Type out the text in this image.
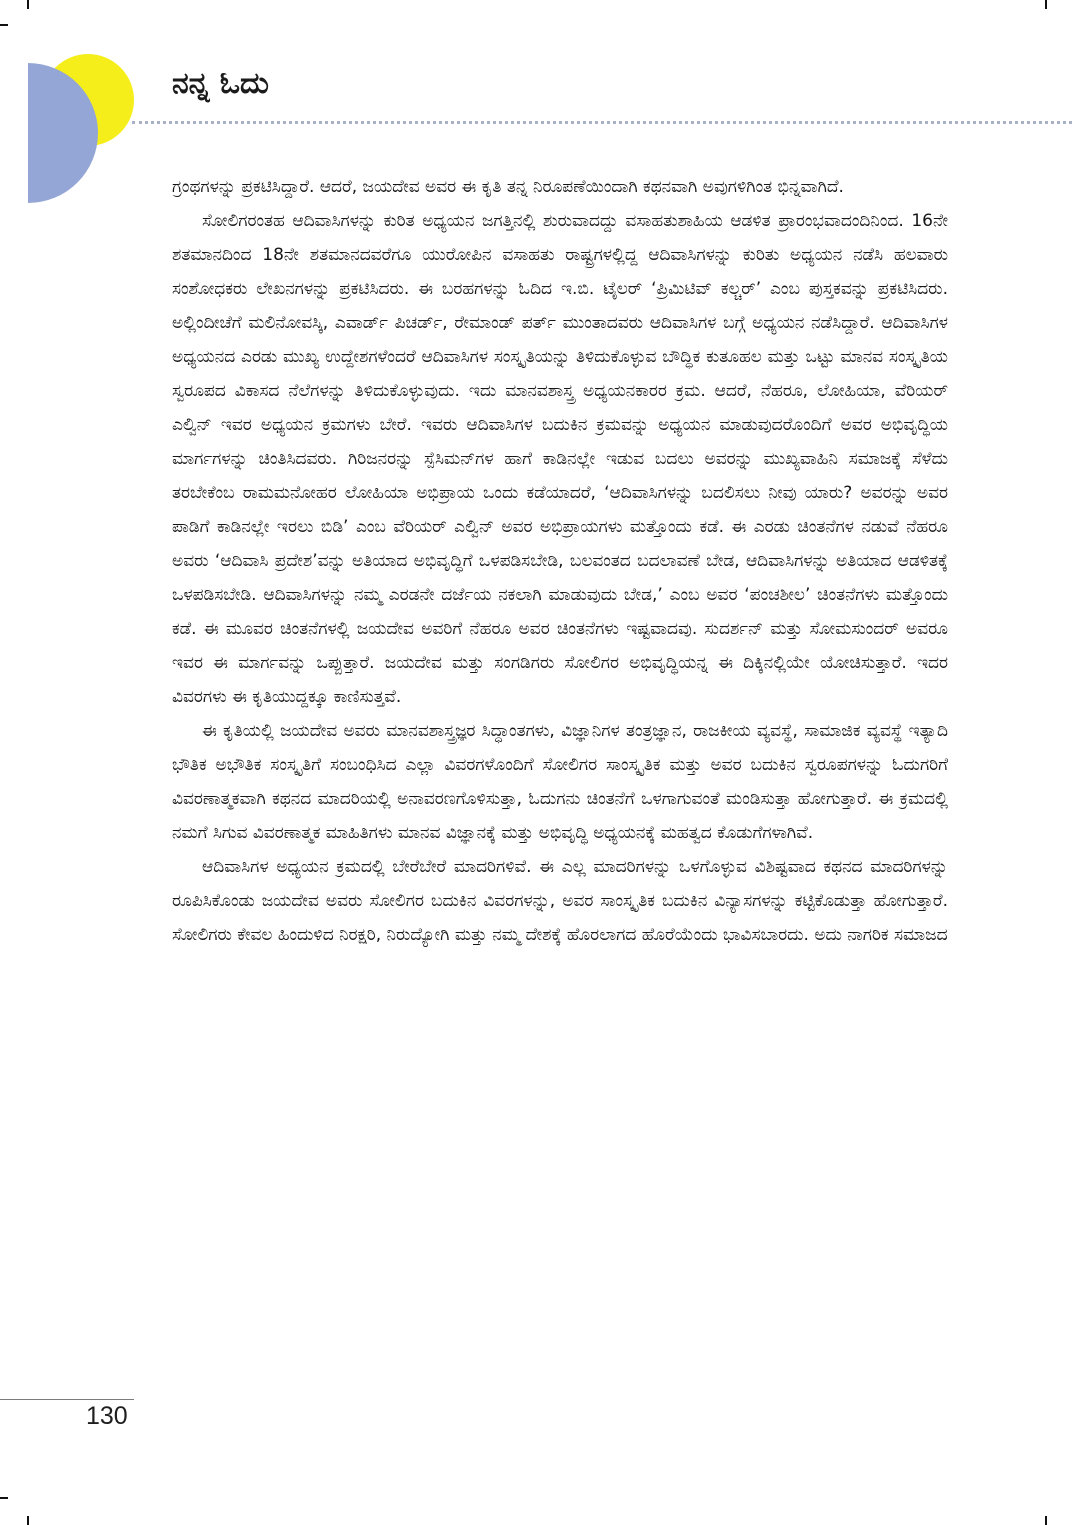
ನನ್ನ ಓದು

ಗ್ರಂಥಗಳನ್ನು ಪ್ರಕಟಿಸಿದ್ದಾರೆ. ಆದರೆ, ಜಯದೇವ ಅವರ ಈ ಕೃತಿ ತನ್ನ ನಿರೂಪಣೆಯಿಂದಾಗಿ ಕಥನವಾಗಿ ಅವುಗಳಿಗಿಂತ ಭಿನ್ನವಾಗಿದೆ.

ಸೋಲಿಗರಂತಹ ಆದಿವಾಸಿಗಳನ್ನು ಕುರಿತ ಅಧ್ಯಯನ ಜಗತ್ತಿನಲ್ಲಿ ಶುರುವಾದದ್ದು ವಸಾಹತುಶಾಹಿಯ ಆಡಳಿತ ಪ್ರಾರಂಭವಾದಂದಿನಿಂದ. 16ನೇ ಶತಮಾನದಿಂದ 18ನೇ ಶತಮಾನದವರೆಗೂ ಯುರೋಪಿನ ವಸಾಹತು ರಾಷ್ಟ್ರಗಳಲ್ಲಿದ್ದ ಆದಿವಾಸಿಗಳನ್ನು ಕುರಿತು ಅಧ್ಯಯನ ನಡೆಸಿ ಹಲವಾರು ಸಂಶೋಧಕರು ಲೇಖನಗಳನ್ನು ಪ್ರಕಟಿಸಿದರು. ಈ ಬರಹಗಳನ್ನು ಓದಿದ ಇ.ಬಿ. ಟೈಲರ್ ‘ಪ್ರಿಮಿಟಿವ್ ಕಲ್ಚರ್’ ಎಂಬ ಪುಸ್ತಕವನ್ನು ಪ್ರಕಟಿಸಿದರು. ಅಲ್ಲಿಂದೀಚೆಗೆ ಮಲಿನೋವಸ್ಕಿ, ಎವಾರ್ಡ್ ಪಿಚರ್ಡ್, ರೇಮಾಂಡ್ ಪರ್ತ್ ಮುಂತಾದವರು ಆದಿವಾಸಿಗಳ ಬಗ್ಗೆ ಅಧ್ಯಯನ ನಡೆಸಿದ್ದಾರೆ. ಆದಿವಾಸಿಗಳ ಅಧ್ಯಯನದ ಎರಡು ಮುಖ್ಯ ಉದ್ದೇಶಗಳೆಂದರೆ ಆದಿವಾಸಿಗಳ ಸಂಸ್ಕೃತಿಯನ್ನು ತಿಳಿದುಕೊಳ್ಳುವ ಬೌದ್ಧಿಕ ಕುತೂಹಲ ಮತ್ತು ಒಟ್ಟು ಮಾನವ ಸಂಸ್ಕೃತಿಯ ಸ್ವರೂಪದ ವಿಕಾಸದ ನೆಲೆಗಳನ್ನು ತಿಳಿದುಕೊಳ್ಳುವುದು. ಇದು ಮಾನವಶಾಸ್ತ್ರ ಅಧ್ಯಯನಕಾರರ ಕ್ರಮ. ಆದರೆ, ನೆಹರೂ, ಲೋಹಿಯಾ, ವೆರಿಯರ್ ಎಲ್ವಿನ್ ಇವರ ಅಧ್ಯಯನ ಕ್ರಮಗಳು ಬೇರೆ. ಇವರು ಆದಿವಾಸಿಗಳ ಬದುಕಿನ ಕ್ರಮವನ್ನು ಅಧ್ಯಯನ ಮಾಡುವುದರೊಂದಿಗೆ ಅವರ ಅಭಿವೃದ್ಧಿಯ ಮಾರ್ಗಗಳನ್ನು ಚಿಂತಿಸಿದವರು. ಗಿರಿಜನರನ್ನು ಸ್ಪೆಸಿಮನ್‌ಗಳ ಹಾಗೆ ಕಾಡಿನಲ್ಲೇ ಇಡುವ ಬದಲು ಅವರನ್ನು ಮುಖ್ಯವಾಹಿನಿ ಸಮಾಜಕ್ಕೆ ಸೆಳೆದು ತರಬೇಕೆಂಬ ರಾಮಮನೋಹರ ಲೋಹಿಯಾ ಅಭಿಪ್ರಾಯ ಒಂದು ಕಡೆಯಾದರೆ, ‘ಆದಿವಾಸಿಗಳನ್ನು ಬದಲಿಸಲು ನೀವು ಯಾರು? ಅವರನ್ನು ಅವರ ಪಾಡಿಗೆ ಕಾಡಿನಲ್ಲೇ ಇರಲು ಬಿಡಿ’ ಎಂಬ ವೆರಿಯರ್ ಎಲ್ವಿನ್ ಅವರ ಅಭಿಪ್ರಾಯಗಳು ಮತ್ತೊಂದು ಕಡೆ. ಈ ಎರಡು ಚಿಂತನೆಗಳ ನಡುವೆ ನೆಹರೂ ಅವರು ‘ಆದಿವಾಸಿ ಪ್ರದೇಶ’ವನ್ನು ಅತಿಯಾದ ಅಭಿವೃದ್ಧಿಗೆ ಒಳಪಡಿಸಬೇಡಿ, ಬಲವಂತದ ಬದಲಾವಣೆ ಬೇಡ, ಆದಿವಾಸಿಗಳನ್ನು ಅತಿಯಾದ ಆಡಳಿತಕ್ಕೆ ಒಳಪಡಿಸಬೇಡಿ. ಆದಿವಾಸಿಗಳನ್ನು ನಮ್ಮ ಎರಡನೇ ದರ್ಜೆಯ ನಕಲಾಗಿ ಮಾಡುವುದು ಬೇಡ,’ ಎಂಬ ಅವರ ‘ಪಂಚಶೀಲ’ ಚಿಂತನೆಗಳು ಮತ್ತೊಂದು ಕಡೆ. ಈ ಮೂವರ ಚಿಂತನೆಗಳಲ್ಲಿ ಜಯದೇವ ಅವರಿಗೆ ನೆಹರೂ ಅವರ ಚಿಂತನೆಗಳು ಇಷ್ಟವಾದವು. ಸುದರ್ಶನ್ ಮತ್ತು ಸೋಮಸುಂದರ್ ಅವರೂ ಇವರ ಈ ಮಾರ್ಗವನ್ನು ಒಪ್ಪುತ್ತಾರೆ. ಜಯದೇವ ಮತ್ತು ಸಂಗಡಿಗರು ಸೋಲಿಗರ ಅಭಿವೃದ್ಧಿಯನ್ನ ಈ ದಿಕ್ಕಿನಲ್ಲಿಯೇ ಯೋಚಿಸುತ್ತಾರೆ. ಇದರ ವಿವರಗಳು ಈ ಕೃತಿಯುದ್ದಕ್ಕೂ ಕಾಣಿಸುತ್ತವೆ.

ಈ ಕೃತಿಯಲ್ಲಿ ಜಯದೇವ ಅವರು ಮಾನವಶಾಸ್ತ್ರಜ್ಞರ ಸಿದ್ಧಾಂತಗಳು, ವಿಜ್ಞಾನಿಗಳ ತಂತ್ರಜ್ಞಾನ, ರಾಜಕೀಯ ವ್ಯವಸ್ಥೆ, ಸಾಮಾಜಿಕ ವ್ಯವಸ್ಥೆ ಇತ್ಯಾದಿ ಭೌತಿಕ ಅಭೌತಿಕ ಸಂಸ್ಕೃತಿಗೆ ಸಂಬಂಧಿಸಿದ ಎಲ್ಲಾ ವಿವರಗಳೊಂದಿಗೆ ಸೋಲಿಗರ ಸಾಂಸ್ಕೃತಿಕ ಮತ್ತು ಅವರ ಬದುಕಿನ ಸ್ವರೂಪಗಳನ್ನು ಓದುಗರಿಗೆ ವಿವರಣಾತ್ಮಕವಾಗಿ ಕಥನದ ಮಾದರಿಯಲ್ಲಿ ಅನಾವರಣಗೊಳಿಸುತ್ತಾ, ಓದುಗನು ಚಿಂತನೆಗೆ ಒಳಗಾಗುವಂತೆ ಮಂಡಿಸುತ್ತಾ ಹೋಗುತ್ತಾರೆ. ಈ ಕ್ರಮದಲ್ಲಿ ನಮಗೆ ಸಿಗುವ ವಿವರಣಾತ್ಮಕ ಮಾಹಿತಿಗಳು ಮಾನವ ವಿಜ್ಞಾನಕ್ಕೆ ಮತ್ತು ಅಭಿವೃದ್ಧಿ ಅಧ್ಯಯನಕ್ಕೆ ಮಹತ್ವದ ಕೊಡುಗೆಗಳಾಗಿವೆ.

ಆದಿವಾಸಿಗಳ ಅಧ್ಯಯನ ಕ್ರಮದಲ್ಲಿ ಬೇರೆಬೇರೆ ಮಾದರಿಗಳಿವೆ. ಈ ಎಲ್ಲ ಮಾದರಿಗಳನ್ನು ಒಳಗೊಳ್ಳುವ ವಿಶಿಷ್ಟವಾದ ಕಥನದ ಮಾದರಿಗಳನ್ನು ರೂಪಿಸಿಕೊಂಡು ಜಯದೇವ ಅವರು ಸೋಲಿಗರ ಬದುಕಿನ ವಿವರಗಳನ್ನು, ಅವರ ಸಾಂಸ್ಕೃತಿಕ ಬದುಕಿನ ವಿನ್ಯಾಸಗಳನ್ನು ಕಟ್ಟಿಕೊಡುತ್ತಾ ಹೋಗುತ್ತಾರೆ. ಸೋಲಿಗರು ಕೇವಲ ಹಿಂದುಳಿದ ನಿರಕ್ಷರಿ, ನಿರುದ್ಯೋಗಿ ಮತ್ತು ನಮ್ಮ ದೇಶಕ್ಕೆ ಹೊರಲಾಗದ ಹೊರೆಯೆಂದು ಭಾವಿಸಬಾರದು. ಅದು ನಾಗರಿಕ ಸಮಾಜದ

130
